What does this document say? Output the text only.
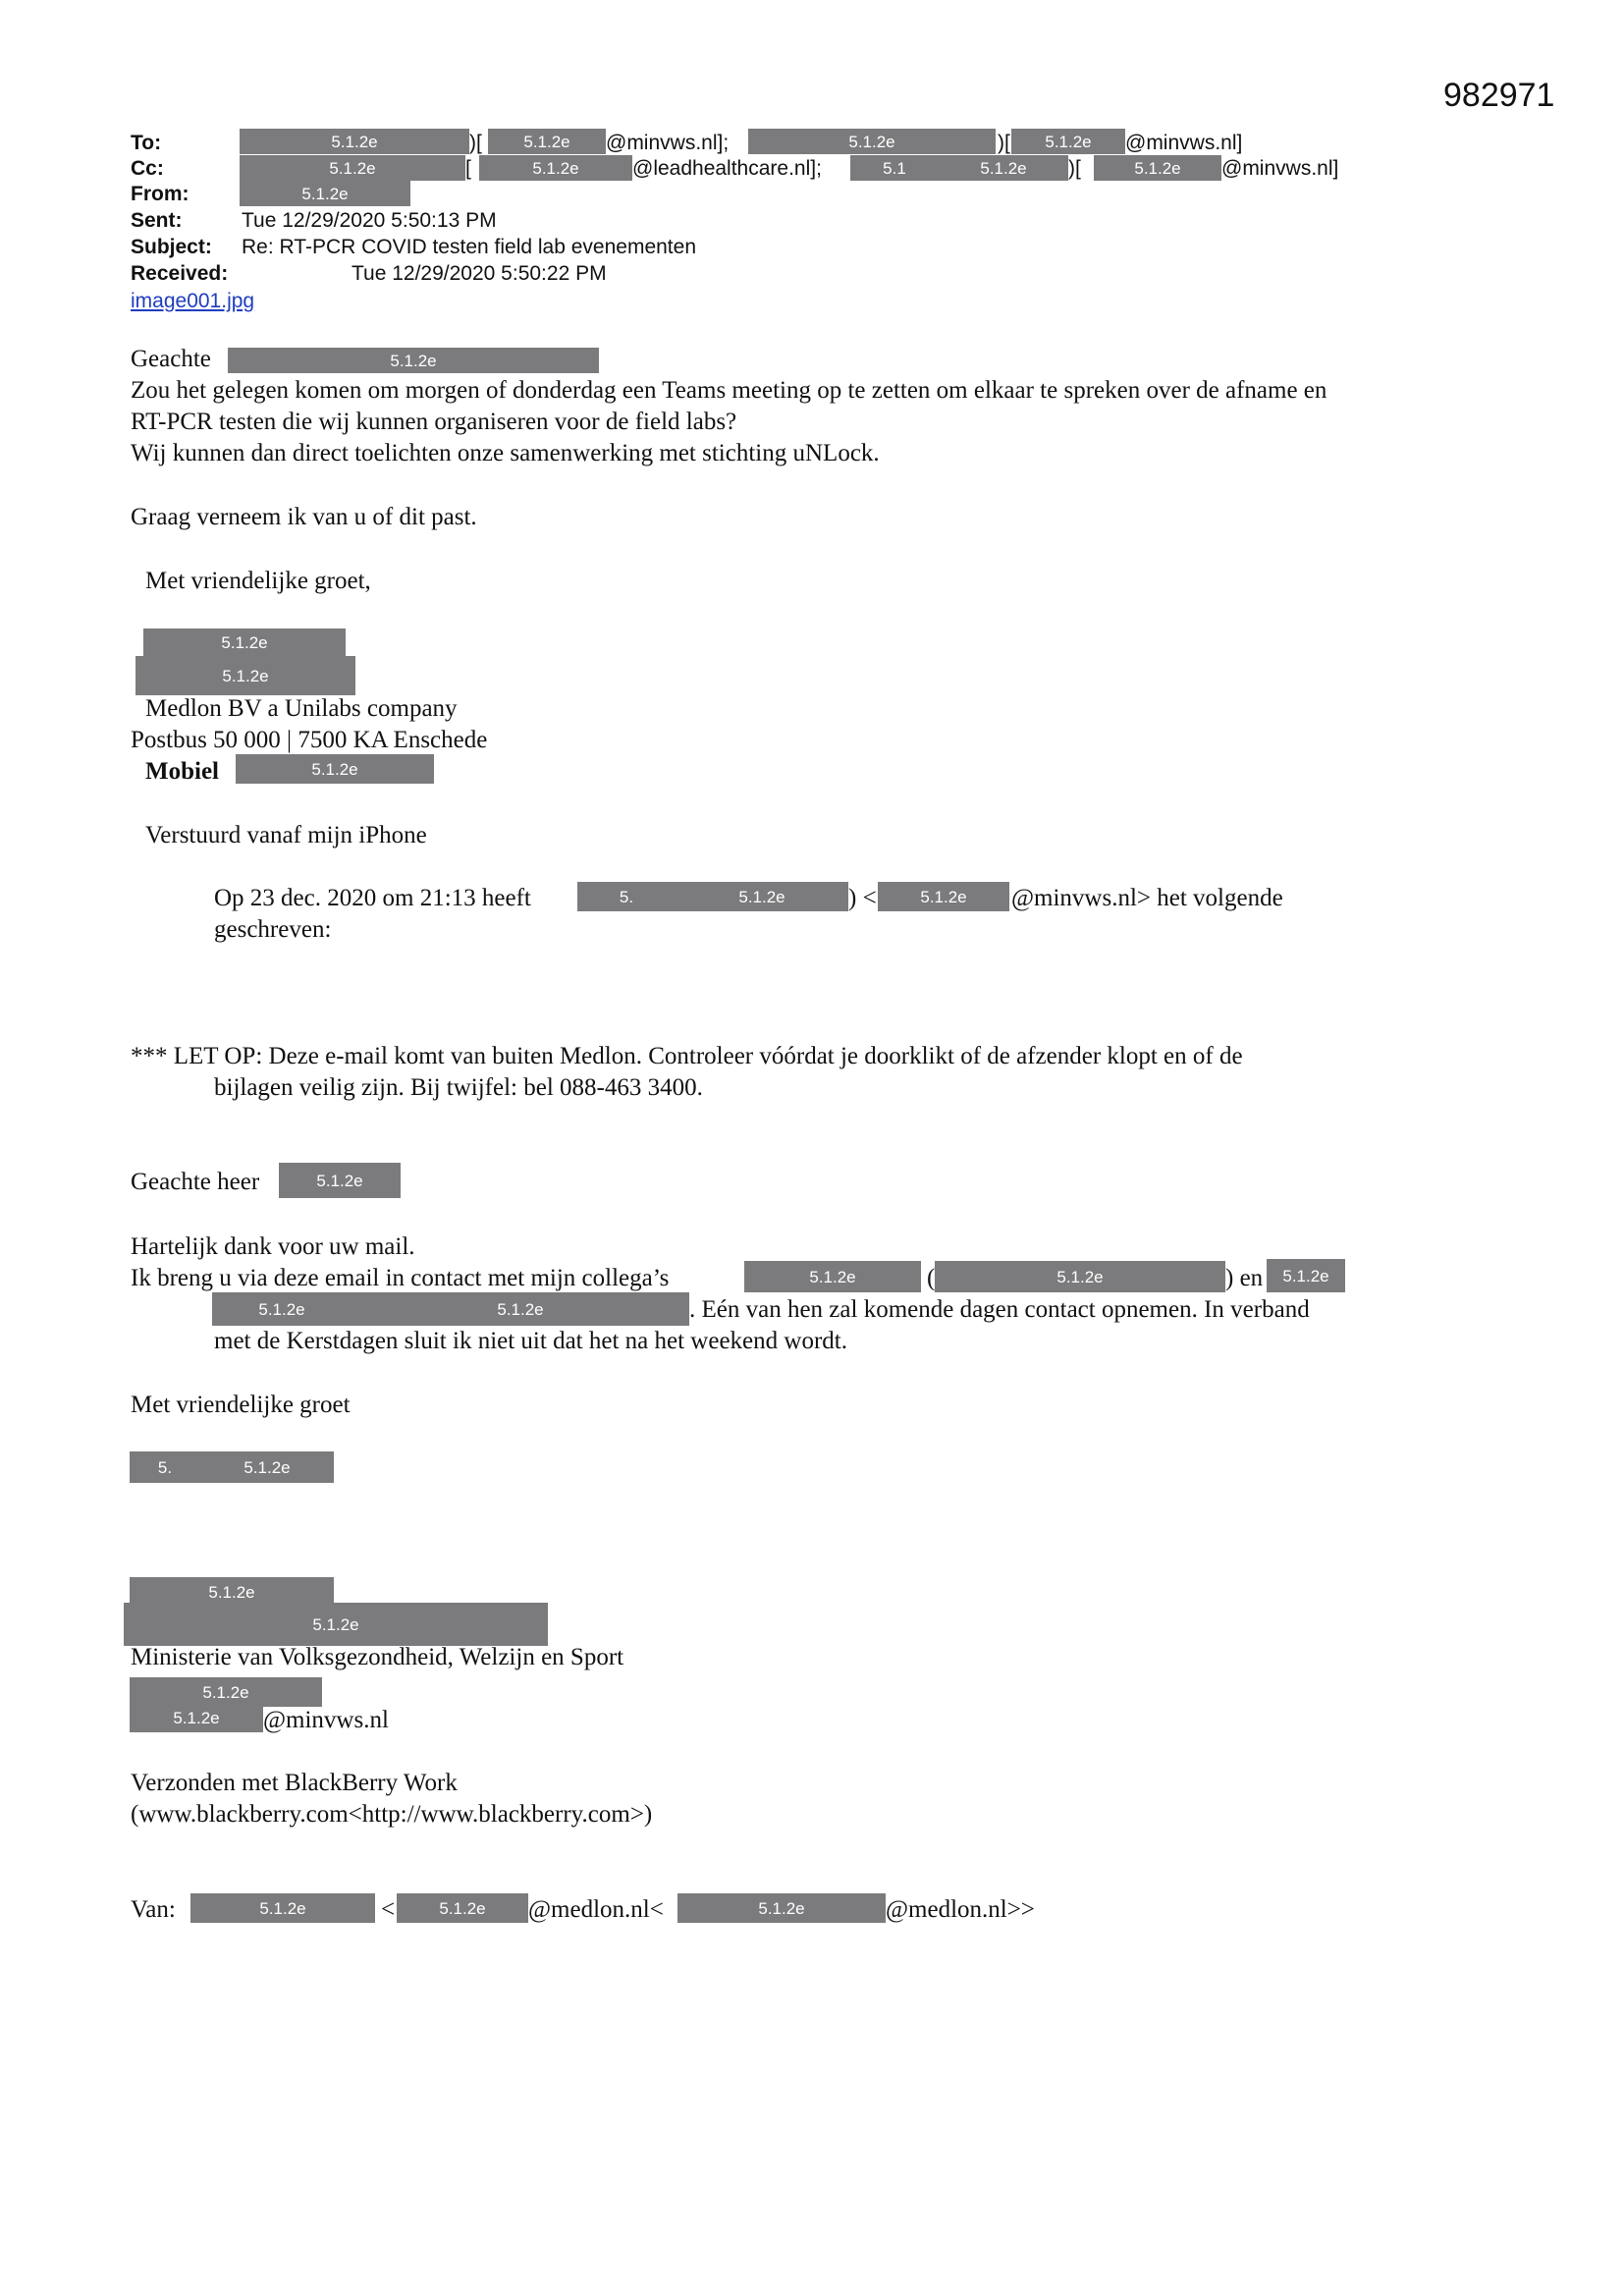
982971
To:	5.1.2e	)[	5.1.2e	@minvws.nl];	5.1.2e	)[	5.1.2e	@minvws.nl]
Cc:	5.1.2e	[	5.1.2e	@leadhealthcare.nl];	5.1	5.1.2e	)[	5.1.2e	@minvws.nl]
From:	5.1.2e
Sent:	Tue 12/29/2020 5:50:13 PM
Subject: Re: RT-PCR COVID testen field lab evenementen
Received:	Tue 12/29/2020 5:50:22 PM
image001.jpg
Geachte	5.1.2e
Zou het gelegen komen om morgen of donderdag een Teams meeting op te zetten om elkaar te spreken over de afname en
RT-PCR testen die wij kunnen organiseren voor de field labs?
Wij kunnen dan direct toelichten onze samenwerking met stichting uNLock.
Graag verneem ik van u of dit past.
Met vriendelijke groet,
5.1.2e
5.1.2e
Medlon BV a Unilabs company
Postbus 50 000 | 7500 KA Enschede
Mobiel	5.1.2e
Verstuurd vanaf mijn iPhone
Op 23 dec. 2020 om 21:13 heeft	5.	5.1.2e	) <	5.1.2e	@minvws.nl> het volgende
geschreven:
*** LET OP: Deze e-mail komt van buiten Medlon. Controleer vóórdat je doorklikt of de afzender klopt en of de
bijlagen veilig zijn. Bij twijfel: bel 088-463 3400.
Geachte heer	5.1.2e
Hartelijk dank voor uw mail.
Ik breng u via deze email in contact met mijn collega’s	5.1.2e	(	5.1.2e	) en	5.1.2e
5.1.2e	5.1.2e	. Eén van hen zal komende dagen contact opnemen. In verband
met de Kerstdagen sluit ik niet uit dat het na het weekend wordt.
Met vriendelijke groet
5.	5.1.2e
5.1.2e
5.1.2e
Ministerie van Volksgezondheid, Welzijn en Sport
5.1.2e
5.1.2e	@minvws.nl
Verzonden met BlackBerry Work
(www.blackberry.com<http://www.blackberry.com>)
Van:	5.1.2e	<	5.1.2e	@medlon.nl<	5.1.2e	@medlon.nl>>
